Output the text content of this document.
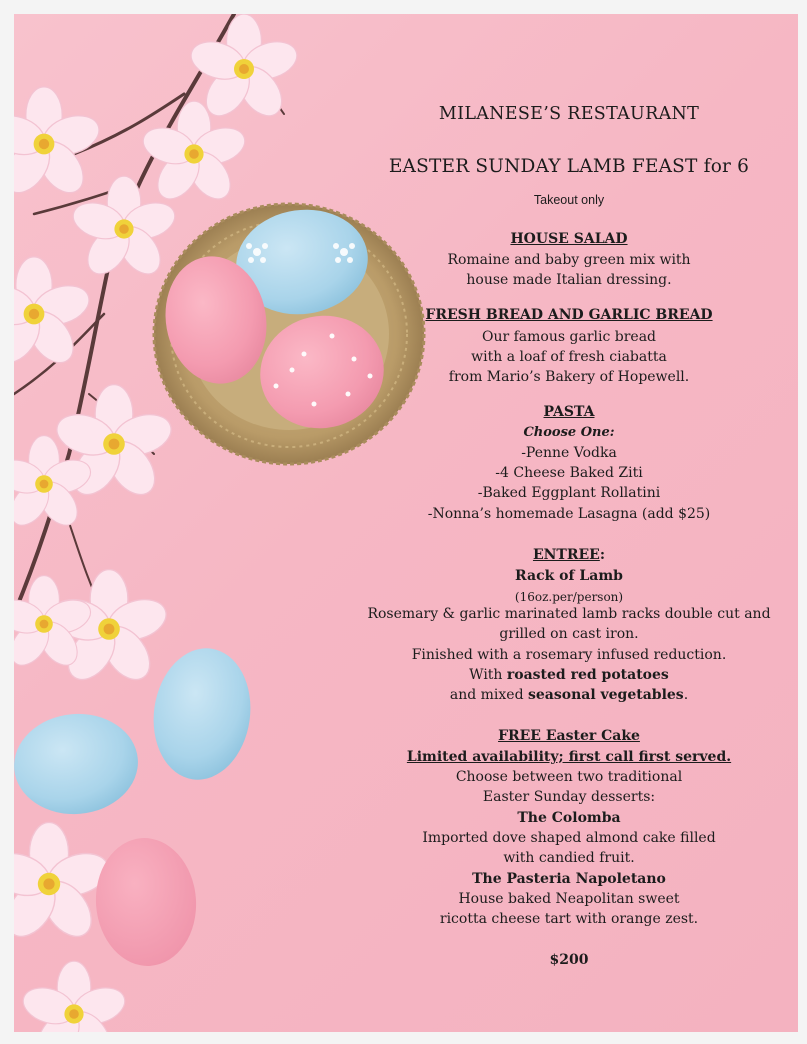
MILANESE’S RESTAURANT
EASTER SUNDAY LAMB FEAST for 6
Takeout only
HOUSE SALAD
Romaine and baby green mix with
house made Italian dressing.
FRESH BREAD AND GARLIC BREAD
Our famous garlic bread
with a loaf of fresh ciabatta
from Mario’s Bakery of Hopewell.
PASTA
Choose One:
-Penne Vodka
-4 Cheese Baked Ziti
-Baked Eggplant Rollatini
-Nonna’s homemade Lasagna (add $25)
ENTREE:
Rack of Lamb
(16oz.per/person)
Rosemary & garlic marinated lamb racks double cut and
grilled on cast iron.
Finished with a rosemary infused reduction.
With roasted red potatoes
and mixed seasonal vegetables.
FREE Easter Cake
Limited availability; first call first served.
Choose between two traditional
Easter Sunday desserts:
The Colomba
Imported dove shaped almond cake filled
with candied fruit.
The Pasteria Napoletano
House baked Neapolitan sweet
ricotta cheese tart with orange zest.
$200
